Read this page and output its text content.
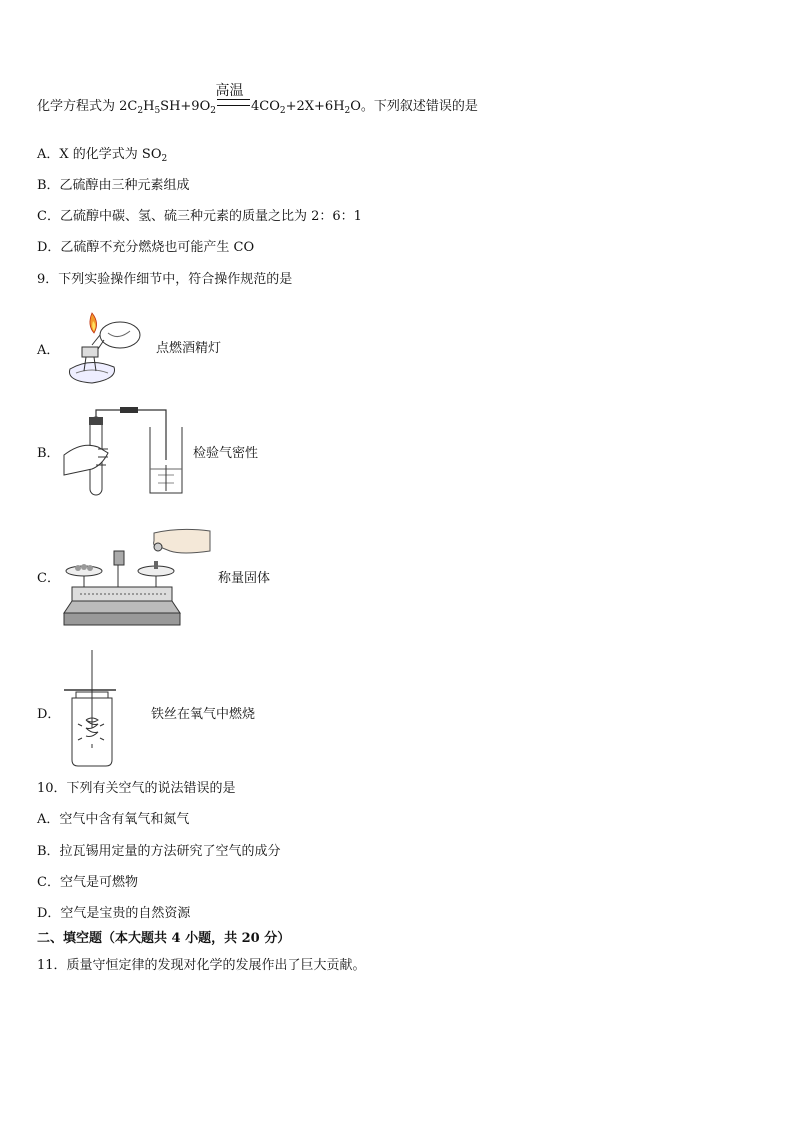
高温
化学方程式为 $2C_2H_5SH+9O_2$	$4CO_2+2X+6H_2O$。下列叙述错误的是
A．X 的化学式为 $SO_2$
B．乙硫醇由三种元素组成
C．乙硫醇中碳、氢、硫三种元素的质量之比为 2：6：1
D．乙硫醇不充分燃烧也可能产生 CO
9．下列实验操作细节中，符合操作规范的是
A．	点燃酒精灯
B．	检验气密性
C．	称量固体
D．	铁丝在氧气中燃烧
10．下列有关空气的说法错误的是
A．空气中含有氧气和氮气
B．拉瓦锡用定量的方法研究了空气的成分
C．空气是可燃物
D．空气是宝贵的自然资源
二、填空题（本大题共 4 小题，共 20 分）
11．质量守恒定律的发现对化学的发展作出了巨大贡献。
